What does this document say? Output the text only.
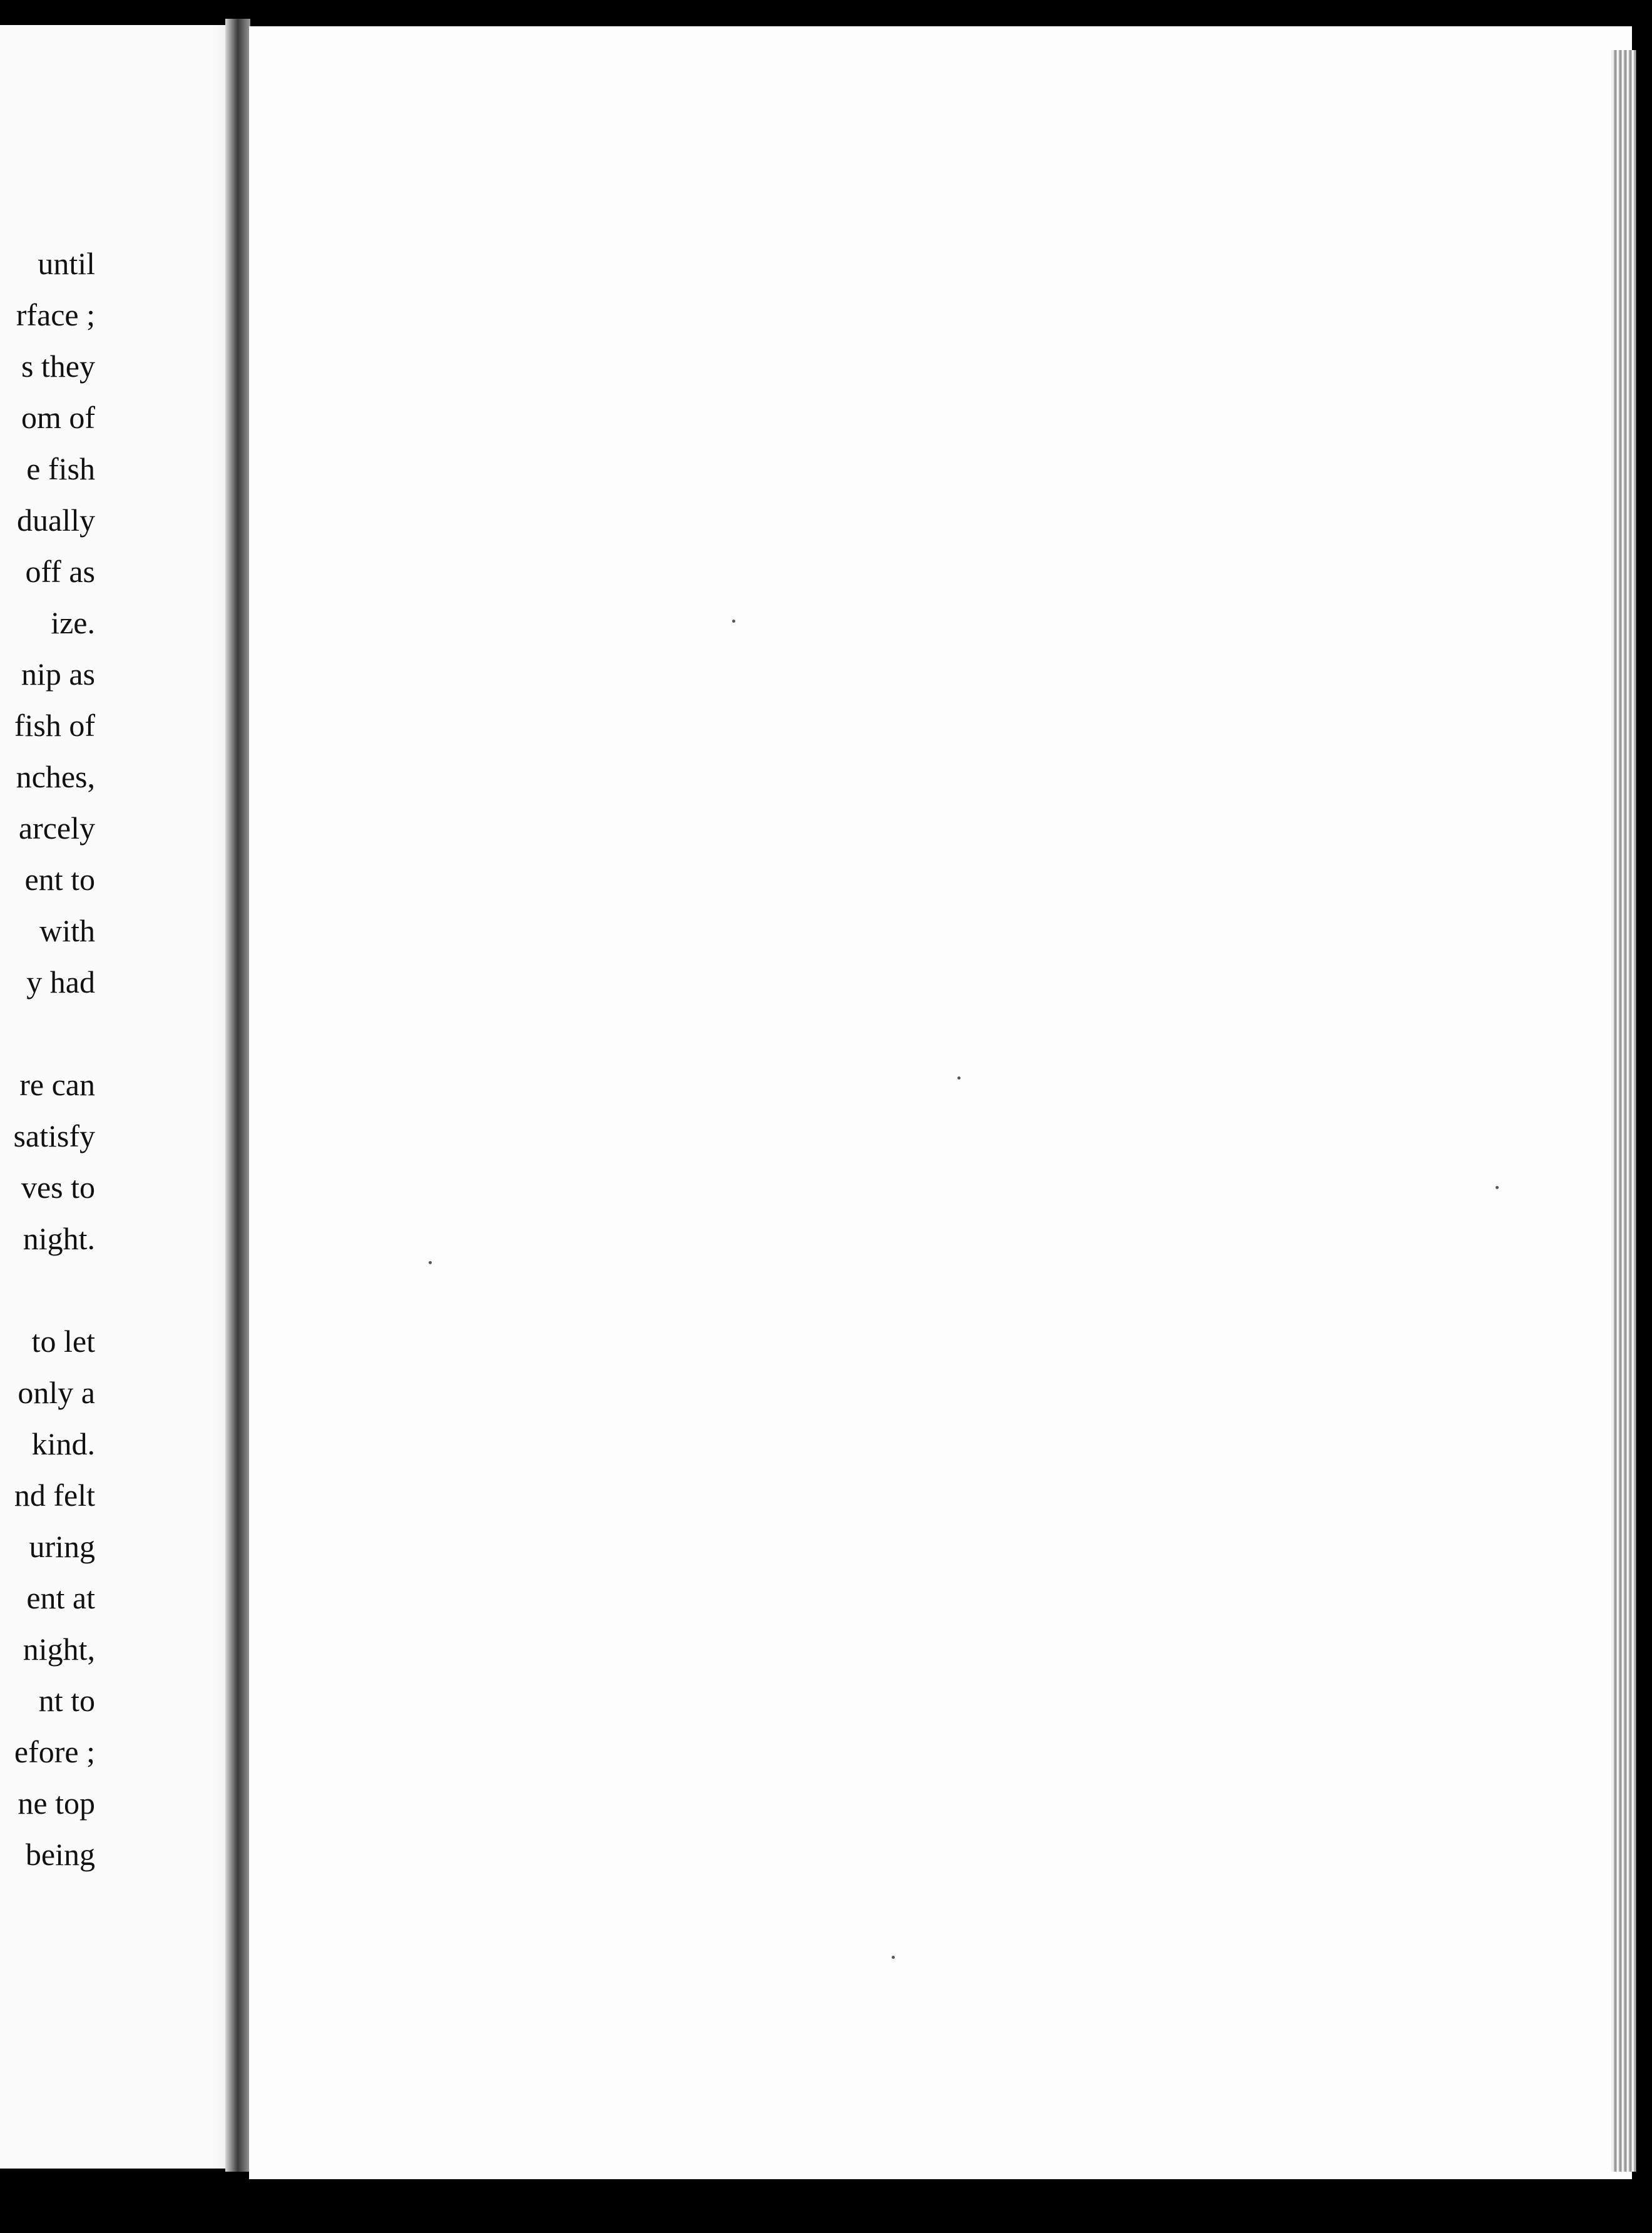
until
rface ;
s they
om of
e fish
dually
off as
ize.
nip as
fish of
nches,
arcely
ent to
with
y had
re can
satisfy
ves to
night.
to let
only a
kind.
nd felt
uring
ent at
night,
nt to
efore ;
ne top
being
